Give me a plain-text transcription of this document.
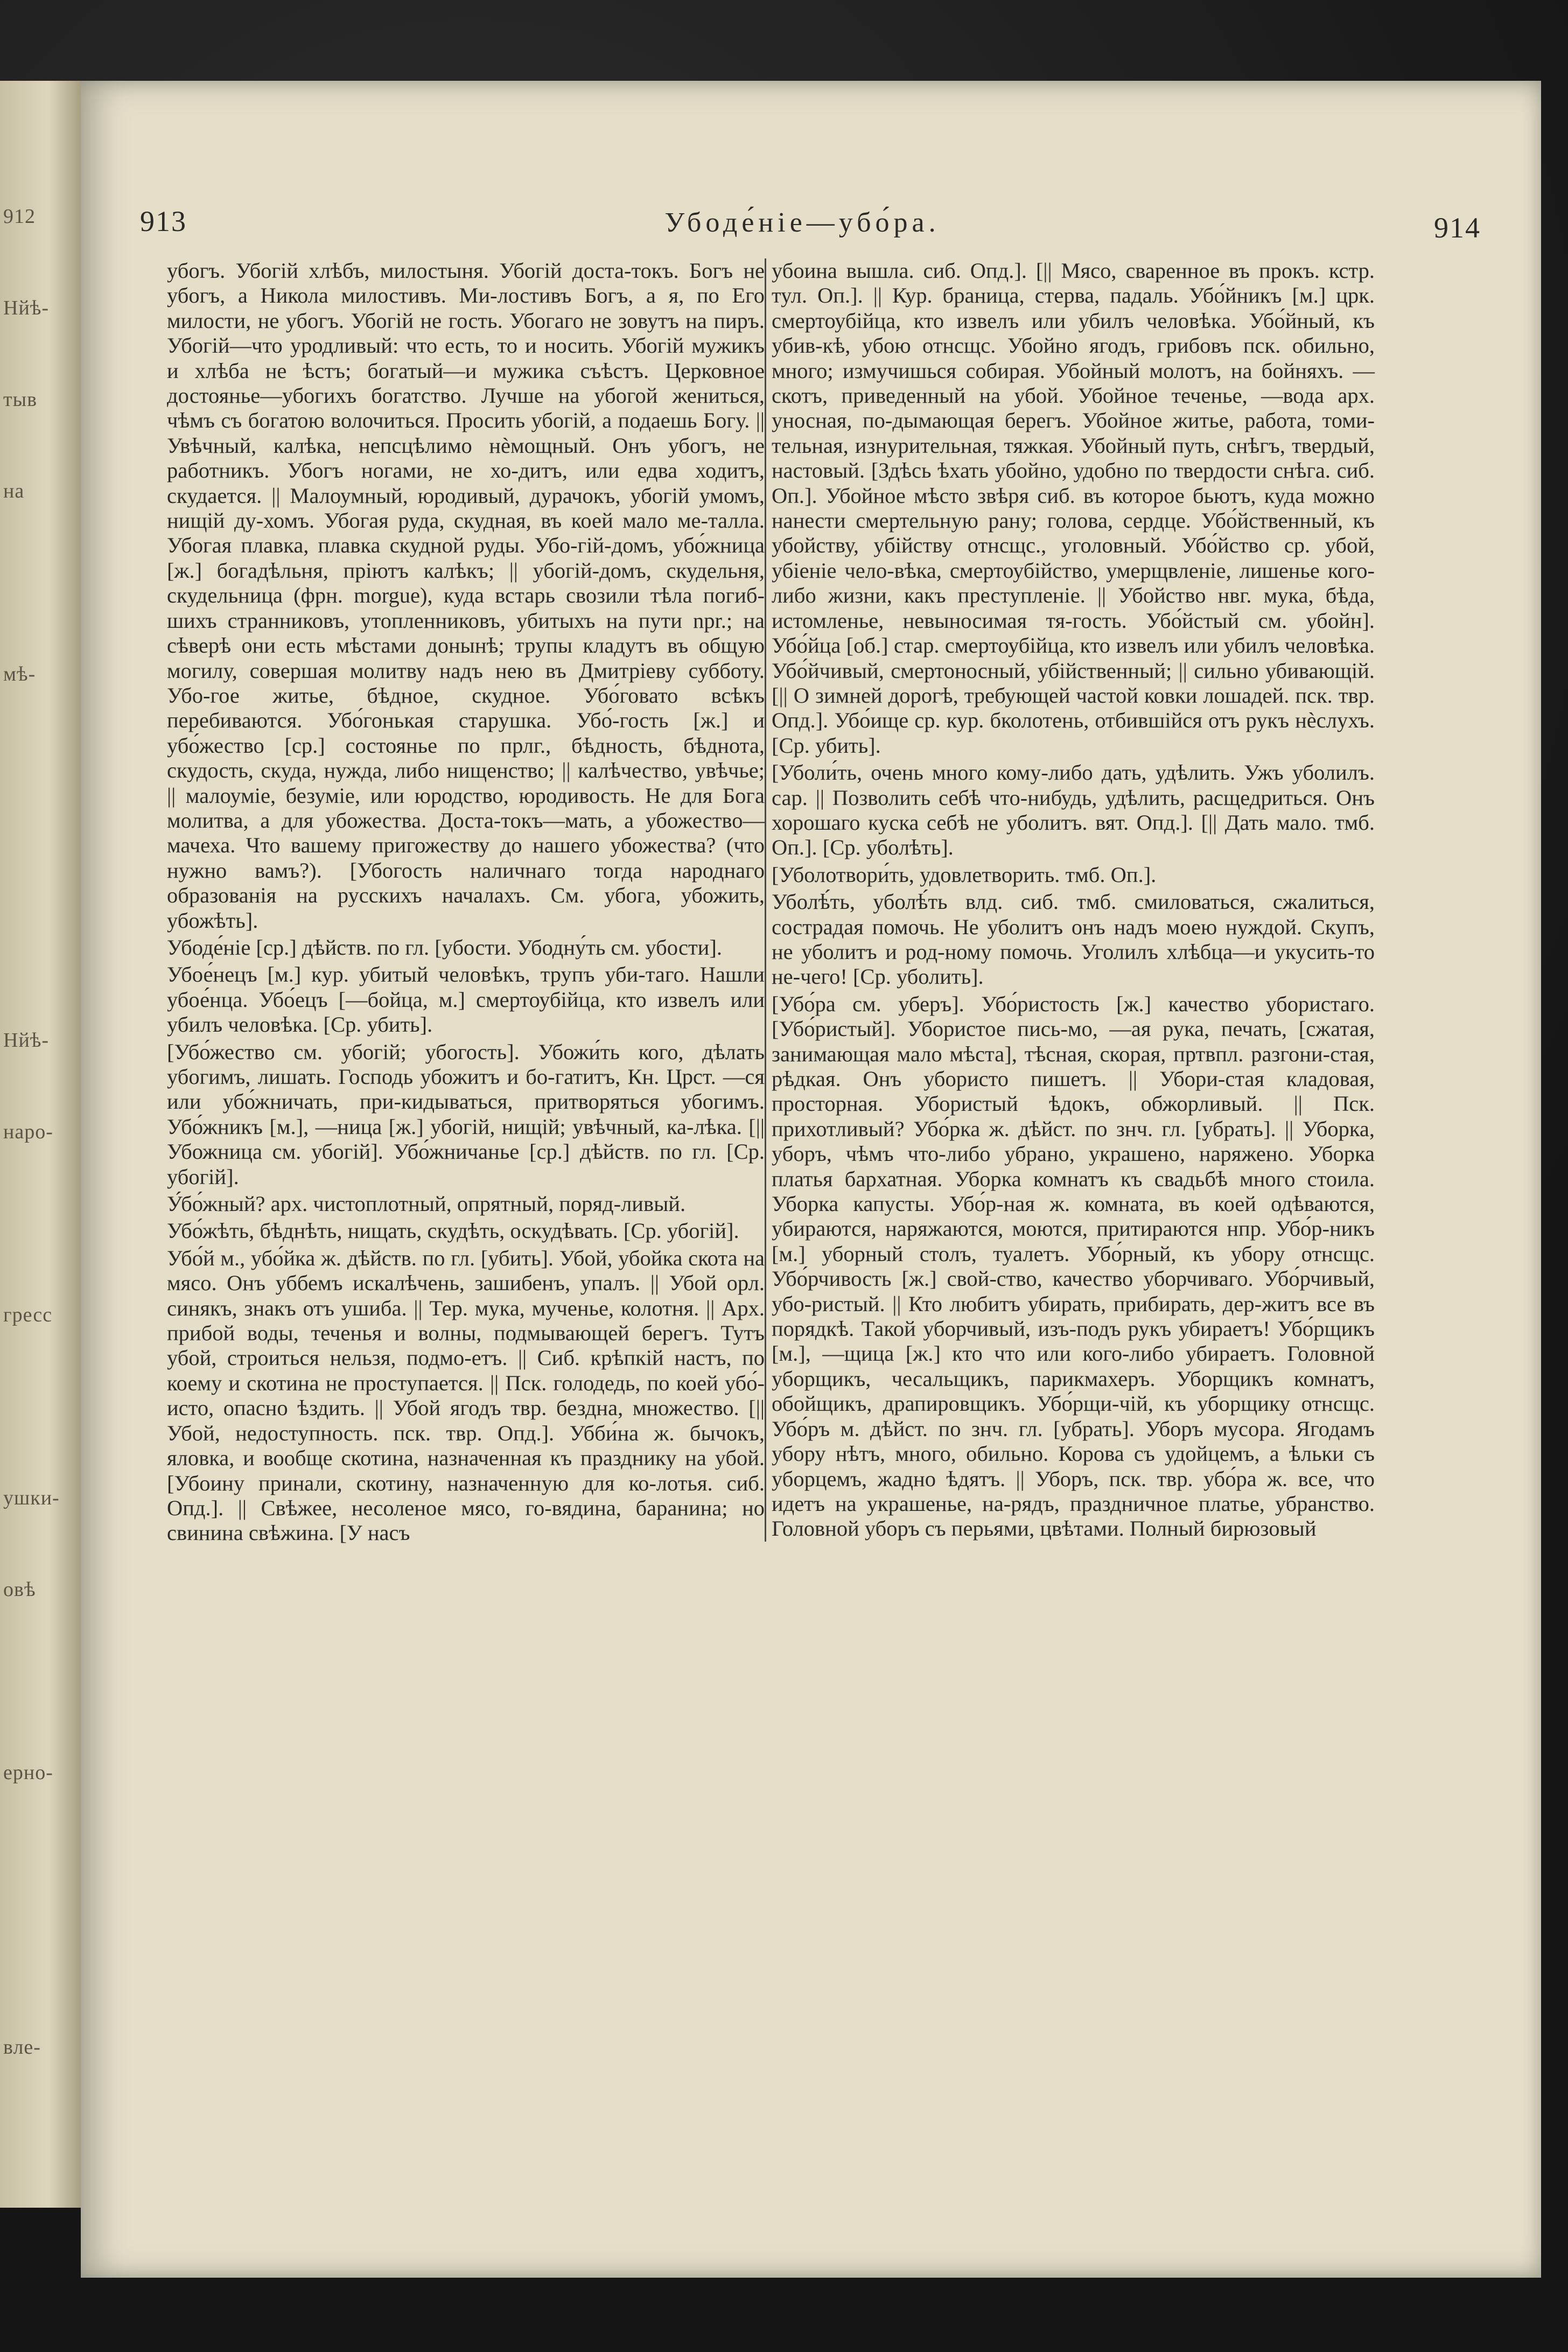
912
Нйѣ-
тыв
на
мѣ-
Нйѣ-
наро-
гресс
ушки-
овѣ
ерно-
вле-
913	Убоде́ніе—убо́ра.	914

убогъ. Убогій хлѣбъ, милостыня. Убогій доста-токъ. Богъ не убогъ, а Никола милостивъ. Ми-лостивъ Богъ, а я, по Его милости, не убогъ. Убогій не гость. Убогаго не зовутъ на пиръ. Убогій—что уродливый: что есть, то и носить. Убогій мужикъ и хлѣба не ѣстъ; богатый—и мужика съѣстъ. Церковное достоянье—убогихъ богатство. Лучше на убогой жениться, чѣмъ съ богатою волочиться. Просить убогій, а подаешь Богу. || Увѣчный, калѣка, непсцѣлимо нѐмощный. Онъ убогъ, не работникъ. Убогъ ногами, не хо-дитъ, или едва ходитъ, скудается. || Малоумный, юродивый, дурачокъ, убогій умомъ, нищій ду-хомъ. Убогая руда, скудная, въ коей мало ме-талла. Убогая плавка, плавка скудной руды. Убо-гій-домъ, убо́жница [ж.] богадѣльня, пріютъ калѣкъ; || убогій-домъ, скудельня, скудельница (фрн. morgue), куда встарь свозили тѣла погиб-шихъ странниковъ, утопленниковъ, убитыхъ на пути npr.; на сѣверѣ они есть мѣстами донынѣ; трупы кладутъ въ общую могилу, совершая молитву надъ нею въ Дмитріеву субботу. Убо-гое житье, бѣдное, скудное. Убо́говато всѣкъ перебиваются. Убо́гонькая старушка. Убо́-гость [ж.] и убо́жество [ср.] состоянье по прлг., бѣдность, бѣднота, скудость, скуда, нужда, либо нищенство; || калѣчество, увѣчье; || малоуміе, безуміе, или юродство, юродивость. Не для Бога молитва, а для убожества. Доста-токъ—мать, а убожество—мачеха. Что вашему пригожеству до нашего убожества? (что нужно вамъ?). [Убогость наличнаго тогда народнаго образованія на русскихъ началахъ. См. убога, убожить, убожѣть].

Убоде́ніе [ср.] дѣйств. по гл. [убости. Убодну́ть см. убости].

Убое́нецъ [м.] кур. убитый человѣкъ, трупъ уби-таго. Нашли убое́нца. Убо́ецъ [—бойца, м.] смертоубійца, кто извелъ или убилъ человѣка. [Ср. убить].

[Убо́жество см. убогій; убогость]. Убожи́ть кого, дѣлать убогимъ, лишать. Господь убожитъ и бо-гатитъ, Кн. Црст. —ся или убо́жничать, при-кидываться, притворяться убогимъ. Убо́жникъ [м.], —ница [ж.] убогій, нищій; увѣчный, ка-лѣка. [|| Убожница см. убогій]. Убо́жничанье [ср.] дѣйств. по гл. [Ср. убогій].

У́бо́жный? арх. чистоплотный, опрятный, поряд-ливый.

Убо́жѣть, бѣднѣть, нищать, скудѣть, оскудѣвать. [Ср. убогій].

Убо́й м., убо́йка ж. дѣйств. по гл. [убить]. Убой, убойка скота на мясо. Онъ уббемъ искалѣчень, зашибенъ, упалъ. || Убой орл. синякъ, знакъ отъ ушиба. || Тер. мука, мученье, колотня. || Арх. прибой воды, теченья и волны, подмывающей берегъ. Тутъ убой, строиться нельзя, подмо-етъ. || Сиб. крѣпкій настъ, по коему и скотина не проступается. || Пск. голодедь, по коей убо́-исто, опасно ѣздить. || Убой ягодъ твр. безднa, множество. [|| Убой, недоступность. пск. твр. Опд.]. Убби́на ж. бычокъ, яловка, и вообще скотина, назначенная къ празднику на убой. [Убоину принали, скотину, назначенную для ко-лотья. сиб. Опд.]. || Свѣжее, несоленое мясо, го-вядина, баранина; но свинина свѣжина. [У насъ

убоина вышла. сиб. Опд.]. [|| Мясо, сваренное въ прокъ. кстр. тул. Оп.]. || Кур. браница, стерва, падаль. Убо́йникъ [м.] црк. смертоубійца, кто извелъ или убилъ человѣка. Убо́йный, къ убив-кѣ, убою отнсщс. Убойно ягодъ, грибовъ пск. обильно, много; измучишься собирая. Убойный молотъ, на бойняхъ. —скотъ, приведенный на убой. Убойное теченье, —вода арх. уносная, по-дымающая берегъ. Убойное житье, работа, томи-тельная, изнурительная, тяжкая. Убойный путь, снѣгъ, твердый, настовый. [Здѣсь ѣхать убойно, удобно по твердости снѣга. сиб. Оп.]. Убойное мѣсто звѣря сиб. въ которое бьютъ, куда можно нанести смертельную рану; голова, сердце. Убо́йственный, къ убойству, убійству отнсщс., уголовный. Убо́йство ср. убой, убіеніе чело-вѣка, смертоубійство, умерщвленіе, лишенье кого-либо жизни, какъ преступленіе. || Убойство нвг. мука, бѣда, истомленье, невыносимая тя-гость. Убо́йстый см. убойн]. Убо́йца [об.] стар. смертоубійца, кто извелъ или убилъ человѣка. Убо́йчивый, смертоносный, убійственный; || сильно убивающій. [|| О зимней дорогѣ, требующей частой ковки лошадей. пск. твр. Опд.]. Убо́ище ср. кур. бколотень, отбившійся отъ рукъ нѐслухъ. [Ср. убить].

[Уболи́ть, очень много кому-либо дать, удѣлить. Ужъ уболилъ. сар. || Позволить себѣ что-нибудь, удѣлить, расщедриться. Онъ хорошаго куска себѣ не уболитъ. вят. Опд.]. [|| Дать мало. тмб. Оп.]. [Ср. уболѣть].

[Уболотвори́ть, удовлетворить. тмб. Оп.].

Уболѣ́ть, уболѣ́ть влд. сиб. тмб. смиловаться, сжалиться, сострадая помочь. Не уболитъ онъ надъ моею нуждой. Скупъ, не уболитъ и род-ному помочь. Уголилъ хлѣбца—и укусить-то не-чего! [Ср. уболить].

[Убо́ра см. уберъ]. Убо́ристость [ж.] качество убористаго. [Убо́ристый]. Убористое пись-мо, —ая рука, печать, [сжатая, занимающая мало мѣста], тѣсная, скорая, пртвпл. разгони-стая, рѣдкая. Онъ убористо пишетъ. || Убори-стая кладовая, просторная. Убористый ѣдокъ, обжорливый. || Пск. прихотливый? Убо́рка ж. дѣйст. по знч. гл. [убрать]. || Уборка, уборъ, чѣмъ что-либо убрано, украшено, наряжено. Уборка платья бархатная. Уборка комнатъ къ свадьбѣ много стоила. Уборка капусты. Убо́р-ная ж. комната, въ коей одѣваются, убираются, наряжаются, моются, притираются нпр. Убо́р-никъ [м.] уборный столъ, туалетъ. Убо́рный, къ убору отнсщс. Убо́рчивость [ж.] свой-ство, качество уборчиваго. Убо́рчивый, убо-ристый. || Кто любитъ убирать, прибирать, дер-житъ все въ порядкѣ. Такой уборчивый, изъ-подъ рукъ убираетъ! Убо́рщикъ [м.], —щица [ж.] кто что или кого-либо убираетъ. Головной уборщикъ, чесальщикъ, парикмахеръ. Уборщикъ комнатъ, обойщикъ, драпировщикъ. Убо́рщи-чій, къ уборщику отнсщс. Убо́ръ м. дѣйст. по знч. гл. [убрать]. Уборъ мусора. Ягодамъ убору нѣтъ, много, обильно. Корова съ удойцемъ, а ѣльки съ уборцемъ, жадно ѣдятъ. || Уборъ, пск. твр. убо́ра ж. все, что идетъ на украшенье, на-рядъ, праздничное платье, убранство. Головной уборъ съ перьями, цвѣтами. Полный бирюзовый
